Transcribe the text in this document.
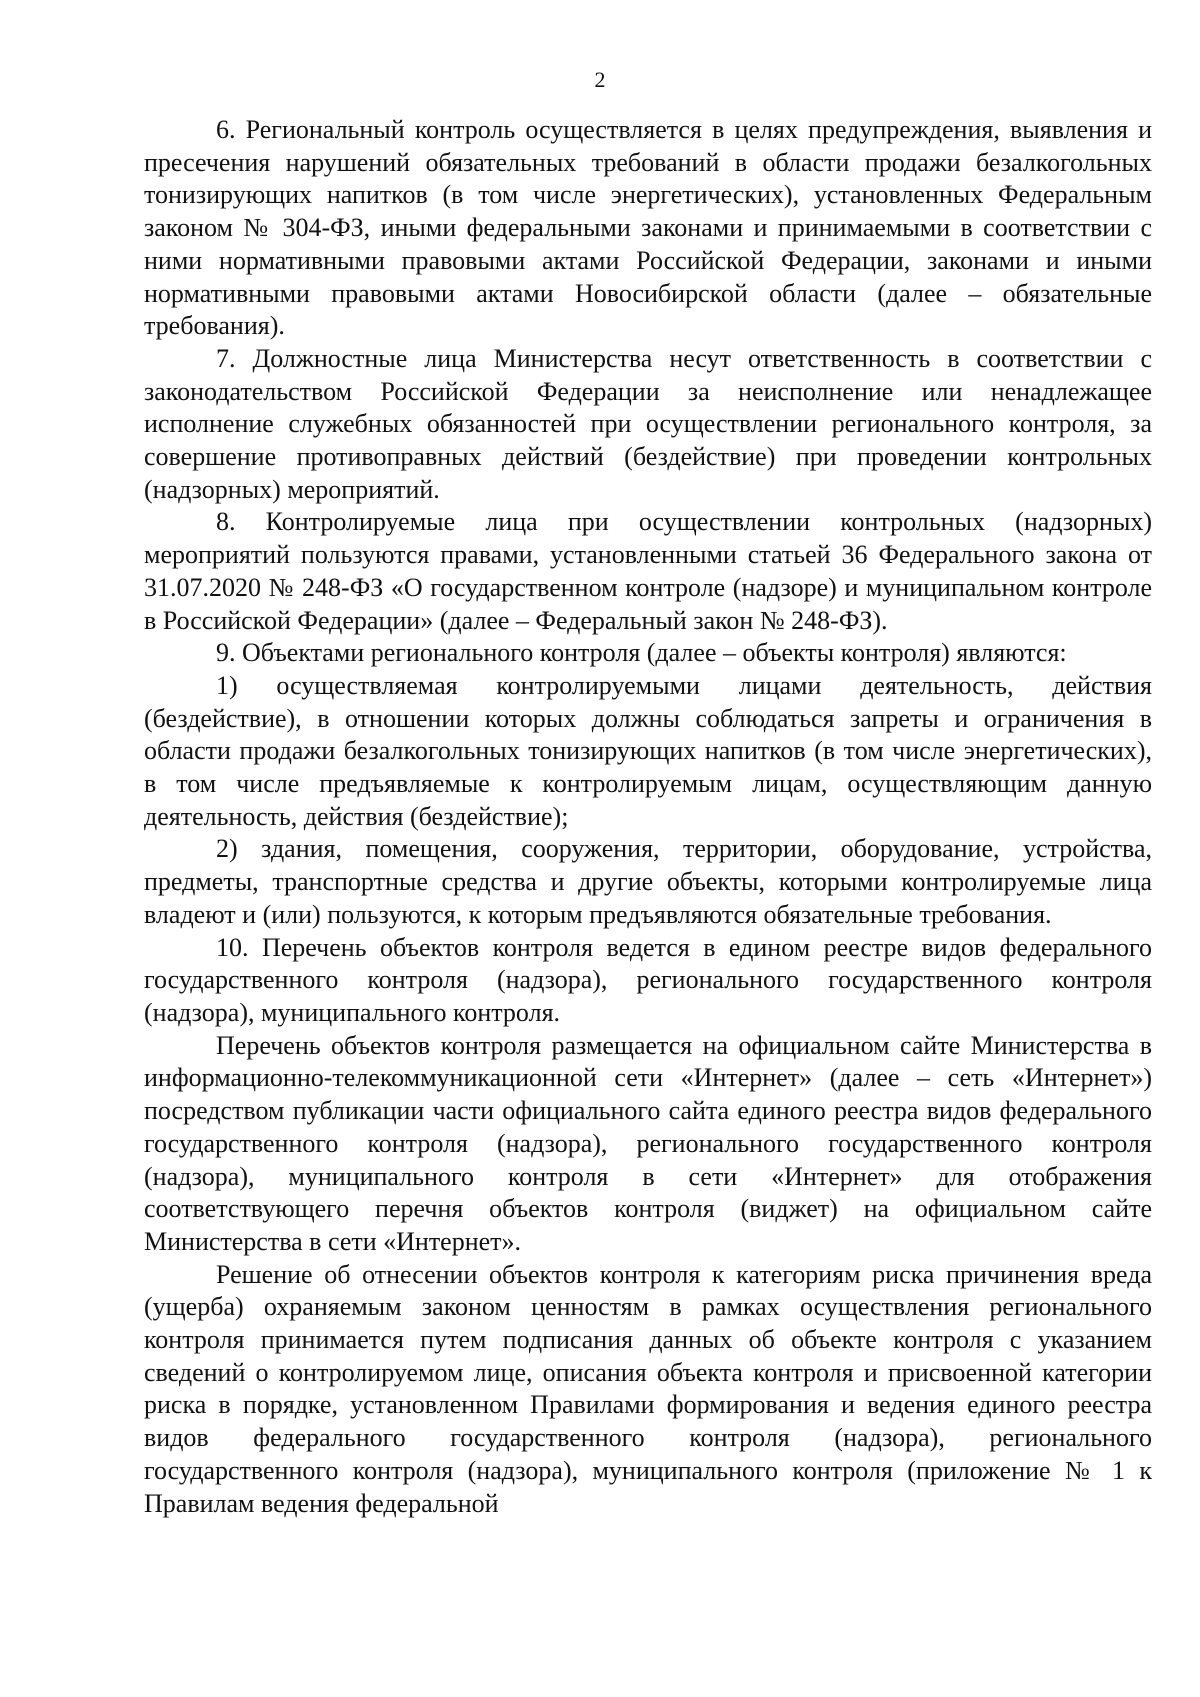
2

6. Региональный контроль осуществляется в целях предупреждения, выявления и пресечения нарушений обязательных требований в области продажи безалкогольных тонизирующих напитков (в том числе энергетических), установленных Федеральным законом № 304-ФЗ, иными федеральными законами и принимаемыми в соответствии с ними нормативными правовыми актами Российской Федерации, законами и иными нормативными правовыми актами Новосибирской области (далее – обязательные требования).

7. Должностные лица Министерства несут ответственность в соответствии с законодательством Российской Федерации за неисполнение или ненадлежащее исполнение служебных обязанностей при осуществлении регионального контроля, за совершение противоправных действий (бездействие) при проведении контрольных (надзорных) мероприятий.

8. Контролируемые лица при осуществлении контрольных (надзорных) мероприятий пользуются правами, установленными статьей 36 Федерального закона от 31.07.2020 № 248-ФЗ «О государственном контроле (надзоре) и муниципальном контроле в Российской Федерации» (далее – Федеральный закон № 248-ФЗ).

9. Объектами регионального контроля (далее – объекты контроля) являются:

1) осуществляемая контролируемыми лицами деятельность, действия (бездействие), в отношении которых должны соблюдаться запреты и ограничения в области продажи безалкогольных тонизирующих напитков (в том числе энергетических), в том числе предъявляемые к контролируемым лицам, осуществляющим данную деятельность, действия (бездействие);

2) здания, помещения, сооружения, территории, оборудование, устройства, предметы, транспортные средства и другие объекты, которыми контролируемые лица владеют и (или) пользуются, к которым предъявляются обязательные требования.

10. Перечень объектов контроля ведется в едином реестре видов федерального государственного контроля (надзора), регионального государственного контроля (надзора), муниципального контроля.

Перечень объектов контроля размещается на официальном сайте Министерства в информационно-телекоммуникационной сети «Интернет» (далее – сеть «Интернет») посредством публикации части официального сайта единого реестра видов федерального государственного контроля (надзора), регионального государственного контроля (надзора), муниципального контроля в сети «Интернет» для отображения соответствующего перечня объектов контроля (виджет) на официальном сайте Министерства в сети «Интернет».

Решение об отнесении объектов контроля к категориям риска причинения вреда (ущерба) охраняемым законом ценностям в рамках осуществления регионального контроля принимается путем подписания данных об объекте контроля с указанием сведений о контролируемом лице, описания объекта контроля и присвоенной категории риска в порядке, установленном Правилами формирования и ведения единого реестра видов федерального государственного контроля (надзора), регионального государственного контроля (надзора), муниципального контроля (приложение № 1 к Правилам ведения федеральной
